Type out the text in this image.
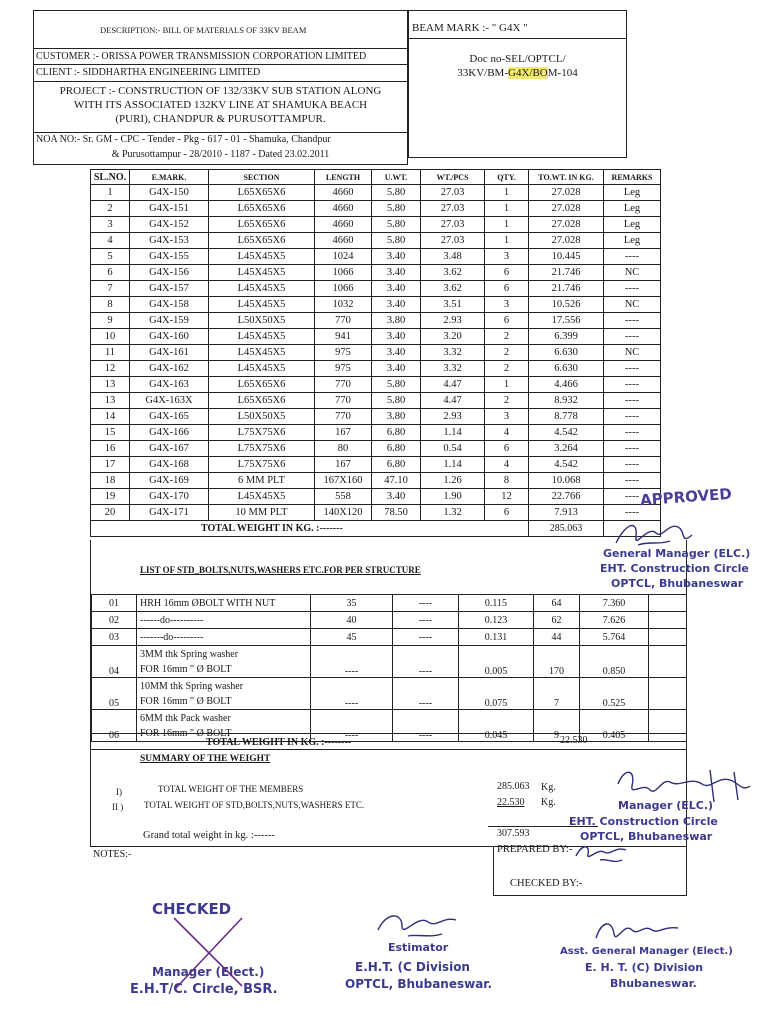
DESCRIPTION:- BILL OF MATERIALS OF 33KV BEAM
CUSTOMER :- ORISSA POWER TRANSMISSION CORPORATION LIMITED
CLIENT :- SIDDHARTHA ENGINEERING LIMITED
PROJECT :- CONSTRUCTION OF 132/33KV SUB STATION ALONG
WITH ITS ASSOCIATED 132KV LINE AT SHAMUKA BEACH
(PURI), CHANDPUR & PURUSOTTAMPUR.
NOA NO:- Sr. GM - CPC - Tender - Pkg - 617 - 01 - Shamuka, Chandpur
& Purusottampur - 28/2010 - 1187 - Dated 23.02.2011
BEAM MARK :- " G4X "
Doc no-SEL/OPTCL/
33KV/BM-G4X/BOM-104
SL.NO.	E.MARK.	SECTION	LENGTH	U.WT.	WT./PCS	QTY.	TO.WT. IN KG.	REMARKS
1	G4X-150	L65X65X6	4660	5.80	27.03	1	27.028	Leg
2	G4X-151	L65X65X6	4660	5.80	27.03	1	27.028	Leg
3	G4X-152	L65X65X6	4660	5.80	27.03	1	27.028	Leg
4	G4X-153	L65X65X6	4660	5.80	27.03	1	27.028	Leg
5	G4X-155	L45X45X5	1024	3.40	3.48	3	10.445	----
6	G4X-156	L45X45X5	1066	3.40	3.62	6	21.746	NC
7	G4X-157	L45X45X5	1066	3.40	3.62	6	21.746	----
8	G4X-158	L45X45X5	1032	3.40	3.51	3	10.526	NC
9	G4X-159	L50X50X5	770	3.80	2.93	6	17.556	----
10	G4X-160	L45X45X5	941	3.40	3.20	2	6.399	----
11	G4X-161	L45X45X5	975	3.40	3.32	2	6.630	NC
12	G4X-162	L45X45X5	975	3.40	3.32	2	6.630	----
13	G4X-163	L65X65X6	770	5.80	4.47	1	4.466	----
13	G4X-163X	L65X65X6	770	5.80	4.47	2	8.932	----
14	G4X-165	L50X50X5	770	3.80	2.93	3	8.778	----
15	G4X-166	L75X75X6	167	6.80	1.14	4	4.542	----
16	G4X-167	L75X75X6	80	6.80	0.54	6	3.264	----
17	G4X-168	L75X75X6	167	6.80	1.14	4	4.542	----
18	G4X-169	6 MM PLT	167X160	47.10	1.26	8	10.068	----
19	G4X-170	L45X45X5	558	3.40	1.90	12	22.766	----
20	G4X-171	10 MM PLT	140X120	78.50	1.32	6	7.913	----
TOTAL WEIGHT IN KG. :-------							285.063	
LIST OF STD_BOLTS,NUTS,WASHERS ETC.FOR PER STRUCTURE
01	HRH 16mm ØBOLT WITH NUT	35	----	0.115	64	7.360	
02	------do----------	40	----	0.123	62	7.626	
03	-------do---------	45	----	0.131	44	5.764	
04	3MM thk Spring washer
FOR 16mm " Ø BOLT	----	----	0.005	170	0.850	
05	10MM thk Spring washer
FOR 16mm " Ø BOLT	----	----	0.075	7	0.525	
06	6MM thk Pack washer
FOR 16mm " Ø BOLT	----	----	0.045	9	0.405	
TOTAL WEIGHT IN KG. :--------	22.530
SUMMARY OF THE WEIGHT
I)	TOTAL WEIGHT OF THE MEMBERS	285.063 Kg.
II ) TOTAL WEIGHT OF STD,BOLTS,NUTS,WASHERS ETC.	22.530 Kg.
Grand total weight in kg. :------	307.593
NOTES:-	PREPARED BY:-
CHECKED BY:-
APPROVED
General Manager (ELC.)
EHT. Construction Circle
OPTCL, Bhubaneswar
Manager (ELC.)
EHT. Construction Circle
OPTCL, Bhubaneswar
CHECKED
Manager (Elect.)
E.H.T/C. Circle, BSR.
Estimator
E.H.T. (C Division
OPTCL, Bhubaneswar.
Asst. General Manager (Elect.)
E. H. T. (C) Division
Bhubaneswar.
